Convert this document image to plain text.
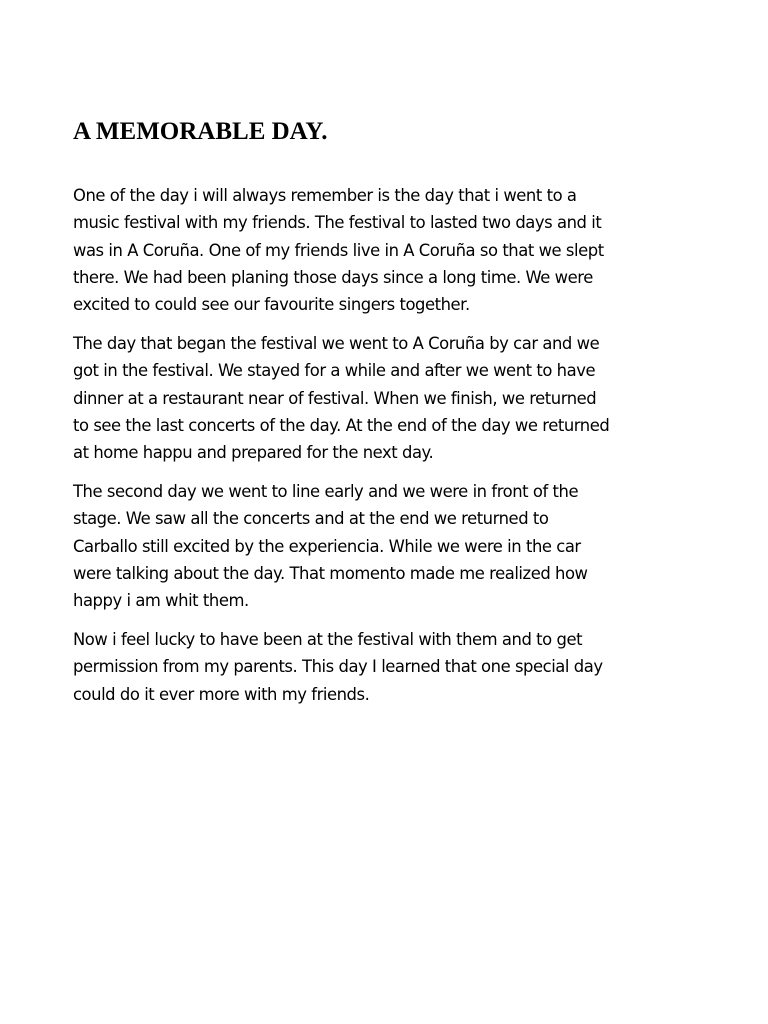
A MEMORABLE DAY.

One of the day i will always remember is the day that i went to a
music festival with my friends. The festival to lasted two days and it
was in A Coruña. One of my friends live in A Coruña so that we slept
there. We had been planing those days since a long time. We were
excited to could see our favourite singers together.

The day that began the festival we went to A Coruña by car and we
got in the festival. We stayed for a while and after we went to have
dinner at a restaurant near of festival. When we finish, we returned
to see the last concerts of the day. At the end of the day we returned
at home happu and prepared for the next day.

The second day we went to line early and we were in front of the
stage. We saw all the concerts and at the end we returned to
Carballo still excited by the experiencia. While we were in the car
were talking about the day. That momento made me realized how
happy i am whit them.

Now i feel lucky to have been at the festival with them and to get
permission from my parents. This day I learned that one special day
could do it ever more with my friends.
